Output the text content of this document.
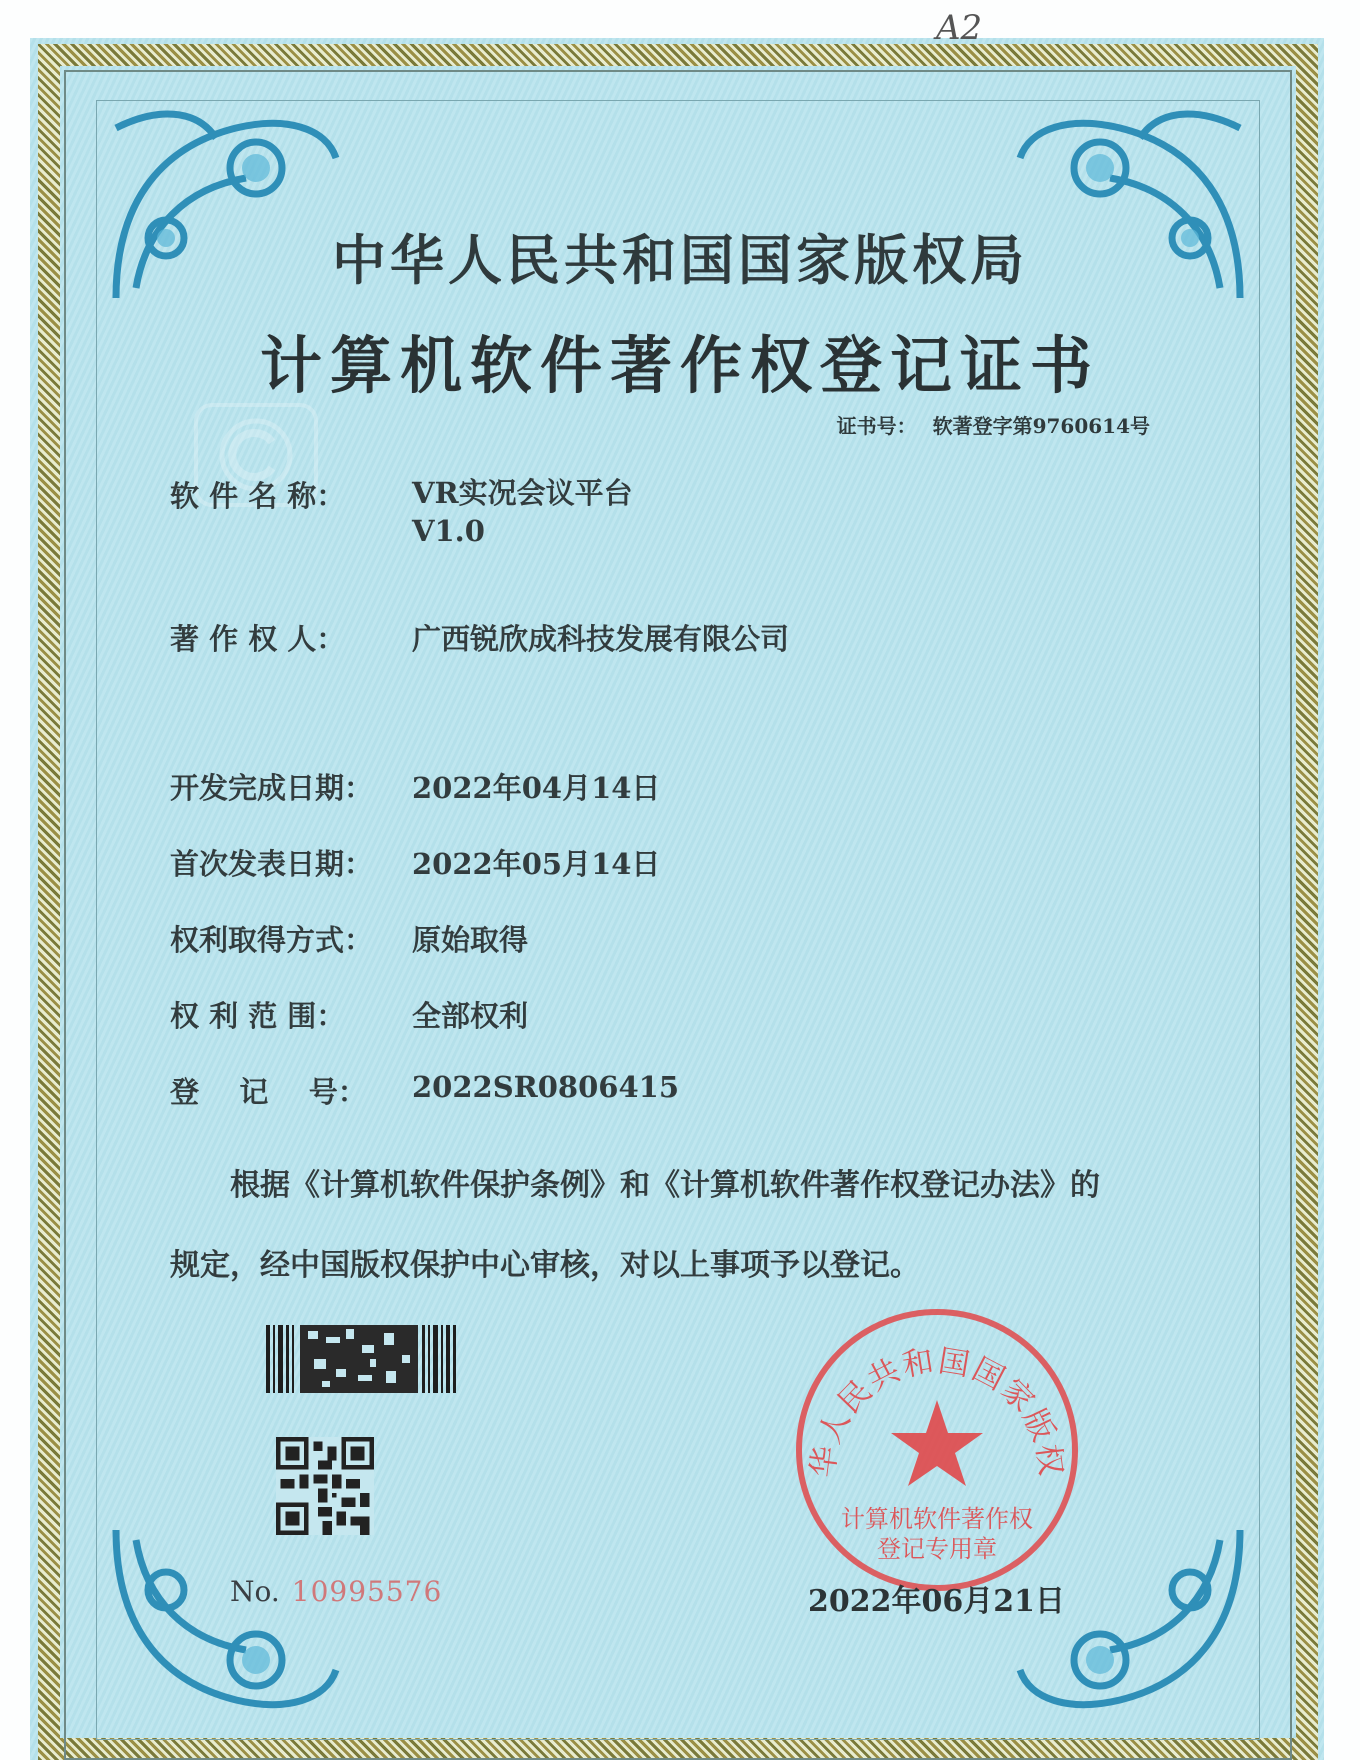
A2
中华人民共和国国家版权局
计算机软件著作权登记证书
证书号： 软著登字第9760614号
软 件 名 称： VR实况会议平台
V1.0
著 作 权 人： 广西锐欣成科技发展有限公司
开发完成日期： 2022年04月14日
首次发表日期： 2022年05月14日
权利取得方式： 原始取得
权 利 范 围： 全部权利
登    记    号： 2022SR0806415
根据《计算机软件保护条例》和《计算机软件著作权登记办法》的
规定，经中国版权保护中心审核，对以上事项予以登记。
No. 10995576
华人民共和国国家版权
计算机软件著作权
登记专用章
2022年06月21日
